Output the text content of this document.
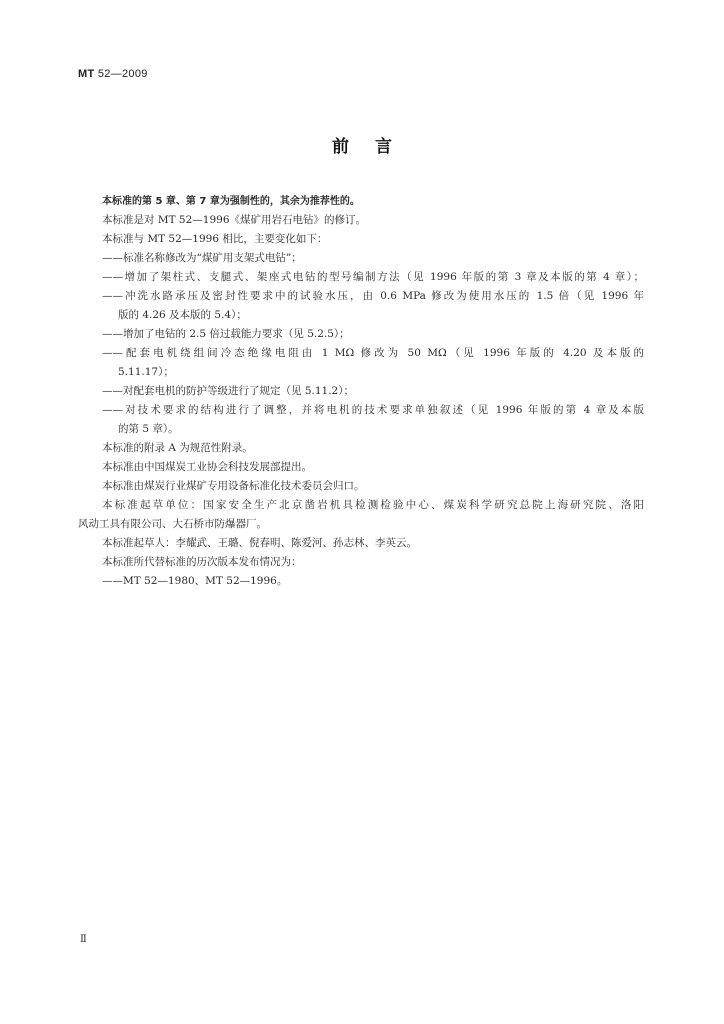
MT 52—2009
前言
本标准的第 5 章、第 7 章为强制性的，其余为推荐性的。
本标准是对 MT 52—1996《煤矿用岩石电钻》的修订。
本标准与 MT 52—1996 相比，主要变化如下：
——标准名称修改为“煤矿用支架式电钻”；
——增加了架柱式、支腿式、架座式电钻的型号编制方法（见 1996 年版的第 3 章及本版的第 4 章）；
——冲洗水路承压及密封性要求中的试验水压，由 0.6 MPa 修改为使用水压的 1.5 倍（见 1996 年
版的 4.26 及本版的 5.4）；
——增加了电钻的 2.5 倍过载能力要求（见 5.2.5）；
——配套电机绕组间冷态绝缘电阻由 1 MΩ 修改为 50 MΩ（见 1996 年版的 4.20 及本版的
5.11.17）；
——对配套电机的防护等级进行了规定（见 5.11.2）；
——对技术要求的结构进行了调整，并将电机的技术要求单独叙述（见 1996 年版的第 4 章及本版
的第 5 章）。
本标准的附录 A 为规范性附录。
本标准由中国煤炭工业协会科技发展部提出。
本标准由煤炭行业煤矿专用设备标准化技术委员会归口。
本标准起草单位：国家安全生产北京凿岩机具检测检验中心、煤炭科学研究总院上海研究院、洛阳
风动工具有限公司、大石桥市防爆器厂。
本标准起草人：李耀武、王璐、倪春明、陈爱河、孙志林、李英云。
本标准所代替标准的历次版本发布情况为：
——MT 52—1980、MT 52—1996。
Ⅱ
